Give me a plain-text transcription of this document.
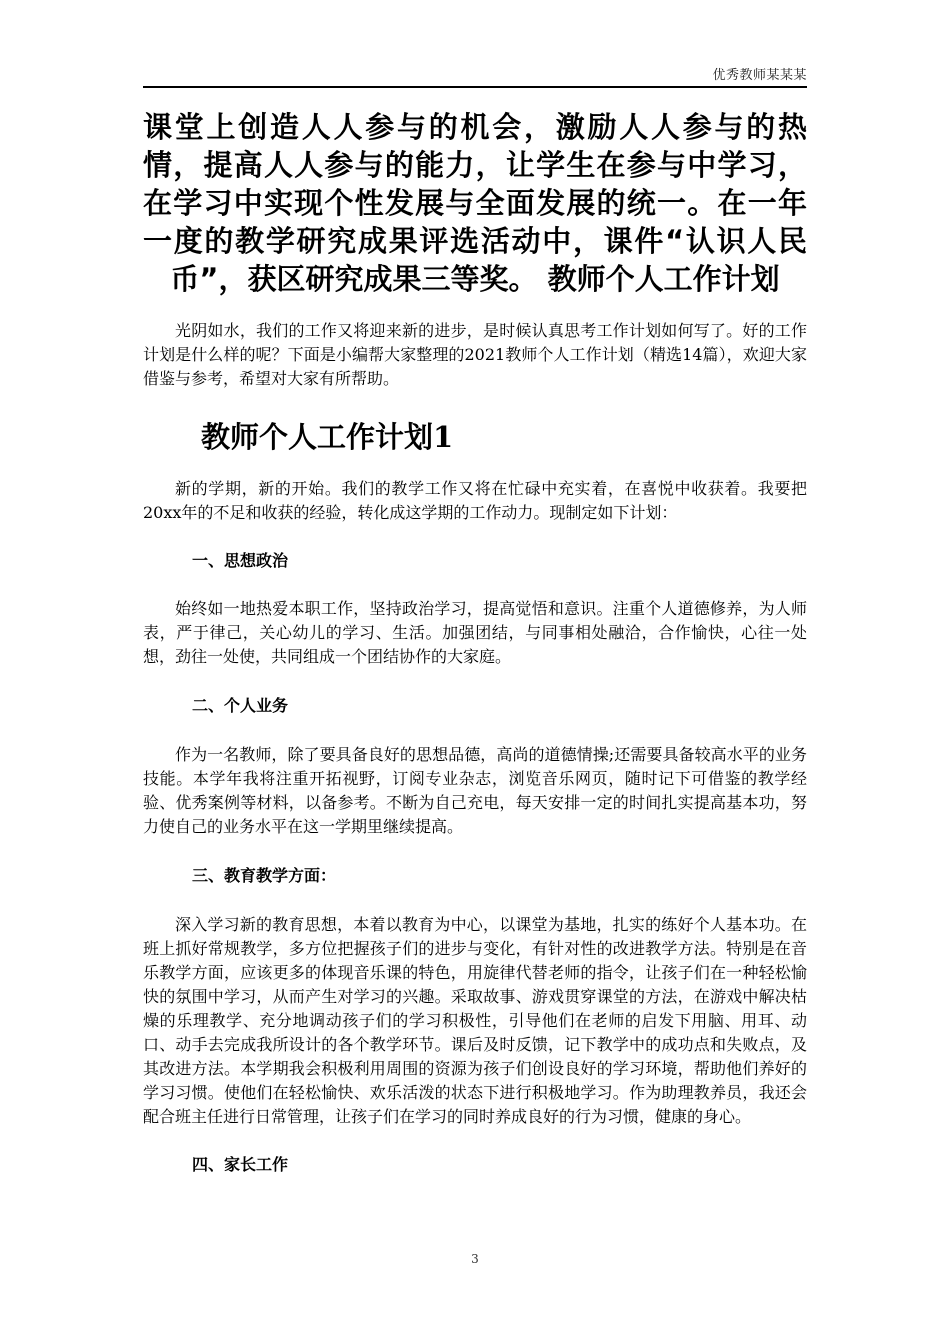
优秀教师某某某

课堂上创造人人参与的机会，激励人人参与的热情，提高人人参与的能力，让学生在参与中学习，在学习中实现个性发展与全面发展的统一。在一年一度的教学研究成果评选活动中，课件“认识人民币”，获区研究成果三等奖。 教师个人工作计划

光阴如水，我们的工作又将迎来新的进步，是时候认真思考工作计划如何写了。好的工作计划是什么样的呢？下面是小编帮大家整理的2021教师个人工作计划（精选14篇），欢迎大家借鉴与参考，希望对大家有所帮助。

教师个人工作计划1

新的学期，新的开始。我们的教学工作又将在忙碌中充实着，在喜悦中收获着。我要把20xx年的不足和收获的经验，转化成这学期的工作动力。现制定如下计划：

一、思想政治

始终如一地热爱本职工作，坚持政治学习，提高觉悟和意识。注重个人道德修养，为人师表，严于律己，关心幼儿的学习、生活。加强团结，与同事相处融洽，合作愉快，心往一处想，劲往一处使，共同组成一个团结协作的大家庭。

二、个人业务

作为一名教师，除了要具备良好的思想品德，高尚的道德情操;还需要具备较高水平的业务技能。本学年我将注重开拓视野，订阅专业杂志，浏览音乐网页，随时记下可借鉴的教学经验、优秀案例等材料，以备参考。不断为自己充电，每天安排一定的时间扎实提高基本功，努力使自己的业务水平在这一学期里继续提高。

三、教育教学方面：

深入学习新的教育思想，本着以教育为中心，以课堂为基地，扎实的练好个人基本功。在班上抓好常规教学，多方位把握孩子们的进步与变化，有针对性的改进教学方法。特别是在音乐教学方面，应该更多的体现音乐课的特色，用旋律代替老师的指令，让孩子们在一种轻松愉快的氛围中学习，从而产生对学习的兴趣。采取故事、游戏贯穿课堂的方法，在游戏中解决枯燥的乐理教学、充分地调动孩子们的学习积极性，引导他们在老师的启发下用脑、用耳、动口、动手去完成我所设计的各个教学环节。课后及时反馈，记下教学中的成功点和失败点，及其改进方法。本学期我会积极利用周围的资源为孩子们创设良好的学习环境，帮助他们养好的学习习惯。使他们在轻松愉快、欢乐活泼的状态下进行积极地学习。作为助理教养员，我还会配合班主任进行日常管理，让孩子们在学习的同时养成良好的行为习惯，健康的身心。

四、家长工作

3
